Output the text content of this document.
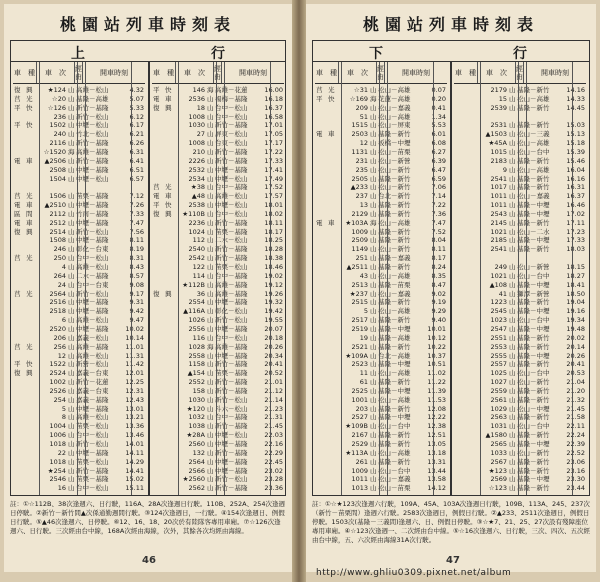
桃園站列車時刻表
上	行
車　種	車　次	經由	開車時刻
復 興	★124 山 高雄－松山	4.32
莒 光	☆20 山 基隆－高雄	5.07
平 快	☆126 山 新竹－基隆	5.33
236 山 新竹－松山	6.12
平 快	1502 山 中壢－松山	6.17
240 山 竹北－松山	6.21
2116 山 新竹－基隆	6.26
☆1520 海 高雄－基隆	6.31
電 車	▲2506 山 新竹－基隆	6.41
2508 山 中壢－基隆	6.51
1504 山 中壢－松山	6.57
莒 光	1506 山 苗栗－基隆	7.12
電 車	▲2510 山 中壢－基隆	7.26
區 間	2112 山 竹南－基隆	7.33
電 車	2512 山 中壢－基隆	7.47
復 興	2514 山 新竹－松山	7.56
1508 山 中壢－基隆	8.11
246 山 彰化－台東	8.19
莒 光	250 山 台中－松山	8.31
4 山 高雄－松山	8.43
264 山 二水－基隆	8.57
24 山 台中－台東	9.08
莒 光	2564 山 新竹－松山	9.17
2516 山 中壢－基隆	9.31
2518 山 中壢－基隆	9.42
6 山 高雄－松山	9.47
2520 山 中壢－基隆	10.02
206 山 嘉義－松山	10.14
莒 光	256 山 高雄－基隆	11.01
12 山 高雄－松山	11.31
平 快	1522 山 新營－松山	11.42
復 興	2524 山 嘉義－台東	12.01
1002 山 新竹－花蓮	12.25
2526 山 嘉義－台東	12.31
254 山 嘉義－基隆	12.43
5 山 中壢－基隆	13.01
8 山 高雄－松山	13.21
1004 山 苗栗－松山	13.36
1006 山 台中－松山	13.46
1018 山 新竹－松山	14.01
22 山 中壢－基隆	14.11
1018 山 苗栗－松山	14.29
★254 山 新竹－基隆	14.41
2546 山 苗栗－基隆	15.02
16 山 台中－松山	15.11
車　種	車　次	經由	開車時刻
平 快	146 海 高雄－花蓮	16.00
電 車	2536 山 楊梅－基隆	16.18
復 興	18 山 台中－松山	16.37
1008 山 台中－松山	16.58
1030 山 新竹－基隆	17.01
27 山 屏東－松山	17.05
1008 山 台東－松山	17.17
210 山 新竹－基隆	17.22
2226 山 新竹－基隆	17.33
2532 山 中壢－基隆	17.41
2534 山 中壢－松山	17.49
莒 光	★38 山 台中－基隆	17.52
電 車	▲48 山 高雄－松山	17.57
平 快	2538 山 中壢－松山	18.01
復 興	★110B 山 台中－松山	18.02
2236 山 新竹－基隆	18.11
1024 山 苗栗－基隆	18.17
112 山 二水－松山	18.25
2540 山 新竹－基隆	18.28
2542 山 新竹－基隆	18.38
122 山 苗栗－松山	18.46
114 山 台中－基隆	19.02
★112B 山 高雄－基隆	19.12
復 興	36 山 高雄－基隆	19.26
2554 山 中壢－基隆	19.32
▲116A 山 彰化－松山	19.42
1026 山 新竹－松山	19.55
2556 山 中壢－基隆	20.07
116 山 台中－松山	20.18
1028 海 高雄－基隆	20.26
2558 山 中壢－基隆	20.34
1158 山 新竹－基隆	20.41
▲154 山 苗栗－基隆	20.52
2552 山 新竹－基隆	21.01
158 山 新竹－基隆	21.12
1030 山 新竹－松山	21.14
★120 山 斗六－松山	21.23
1032 山 台中－基隆	21.31
1038 山 新竹－基隆	21.45
★28A 山 中壢－松山	22.03
2560 山 中壢－基隆	22.16
132 山 新竹－基隆	22.29
2564 山 中壢－基隆	22.45
2566 山 中壢－基隆	23.02
★2560 山 新竹－松山	23.28
2562 山 新竹－基隆	23.36
註：①☆112B、38次逢週六、日行駛，116A、28A次逢週日行駛。110B、252A、254次逢週日停駛。②新竹－新竹間▲次係通勤週間行駛。③124次逢週日，一行駛。④154次逢週日、例假日行駛。⑤▲46次逢週六、日停駛。⑥12、16、18、20次於有陸隊客專用車廂。⑦☆126次逢週六、日行駛。三次經由台中線，168A次經由海線，次外，其餘各次均經由海線。
46
桃園站列車時刻表
下	行
車　種	車　次	經由	開車時刻
莒 光	☆31 山 松山－高雄	0.07
平 快	☆169 海 花蓮－高雄	0.20
209 山 松山－嘉義	0.41
51 山 松山－高雄	1.34
1515 山 松山－屏東	5.53
電 車	2503 山 基隆－新竹	6.01
12 山 板橋－中壢	6.08
1131 山 松山－苗栗	6.27
231 山 松山－新營	6.39
235 山 松山－新竹	6.47
2505 山 基隆－新竹	6.59
▲233 山 松山－新竹	7.06
237 山 台北－新竹	7.14
13 山 基隆－新竹	7.22
2129 山 基隆－新竹	7.36
電 車	★103A 海 松山－高雄	7.47
1009 山 基隆－新竹	7.52
2509 山 基隆－新竹	8.04
1149 山 松山－新竹	8.11
251 山 基隆－嘉義	8.17
▲2511 山 基隆－新竹	8.24
43 山 松山－高雄	8.35
2513 山 基隆－苗栗	8.47
★237 山 松山－嘉義	9.02
2515 山 基隆－新竹	9.19
5 山 松山－高雄	9.29
2517 山 基隆－新竹	9.40
2519 山 基隆－中壢	10.01
19 山 基隆－高雄	10.12
2521 山 基隆－新竹	10.22
★109A 山 台北－高雄	10.37
2523 山 基隆－中壢	10.51
11 山 松山－高雄	11.02
61 山 基隆－新竹	11.22
2525 山 基隆－中壢	11.39
1001 山 松山－高雄	11.53
203 山 基隆－新竹	12.08
2527 山 基隆－中壢	12.22
★109B 山 松山－台中	12.38
2167 山 基隆－新竹	12.51
2529 山 基隆－新竹	13.05
★113A 山 松山－高雄	13.18
261 山 基隆－新竹	13.31
1009 山 松山－台中	13.44
1011 山 松山－嘉義	13.58
1013 山 松山－苗栗	14.12
車　種	車　次	經由	開車時刻
2179 山 基隆－新竹	14.16
15 山 松山－高雄	14.33
2539 山 基隆－新竹	14.45
2531 山 基隆－新竹	15.03
▲1503 山 松山－三義	15.13
★45A 山 松山－高雄	15.18
1015 山 松山－台中	15.39
2183 山 基隆－新竹	15.46
9 山 松山－高雄	16.04
2541 山 基隆－新竹	16.16
1017 山 基隆－新竹	16.31
1011 山 松山－嘉義	16.37
1011 山 基隆－中壢	16.46
2543 山 基隆－中壢	17.02
2145 山 基隆－新竹	17.11
1021 山 松山－二水	17.23
2185 山 基隆－中壢	17.33
2541 山 基隆－新竹	18.03
249 山 松山－新營	18.15
1021 山 松山－台中	18.27
▲108 山 基隆－中壢	18.41
41 山 獅潭－新營	18.50
1223 山 基隆－新竹	19.04
2545 山 基隆－中壢	19.16
1023 山 松山－台中	19.34
2547 山 基隆－中壢	19.48
2551 山 基隆－新竹	20.02
2553 山 基隆－新竹	20.14
2555 山 基隆－中壢	20.26
2557 山 基隆－新竹	20.41
1025 山 松山－台中	20.53
1027 山 松山－新竹	21.04
2559 山 基隆－新竹	21.20
2561 山 基隆－新竹	21.32
1029 山 松山－中壢	21.45
2563 山 基隆－新竹	21.58
1031 山 松山－台中	22.11
▲1580 山 基隆－新竹	22.24
2565 山 基隆－中壢	22.39
1033 山 松山－新竹	22.52
2567 山 基隆－新竹	23.06
★123 山 基隆－新竹	23.16
2569 山 基隆－中壢	23.30
☆123 山 基隆－新竹	23.44
註：①☆★123次逢週六行駛，109A、45A、103A次逢週日行駛，109B、113A、245、237次（新竹－苗栗間）逢週六行駛。2583次逢週日，例假日行駛。②▲233、2511次逢週日，例假日停駛。1503次(基隆－三義間)逢週六、日、例假日停駛。③☆★7、21、25、27次設有殘障座位專用車廂。④☆123次逢週一、二次經由台中線。⑤☆16次逢週六、日行駛，三次、四次、五次經由台中線，五、六次經由海線31A次行駛。
47
http://www.ghliu0309.pixnet.net/album
